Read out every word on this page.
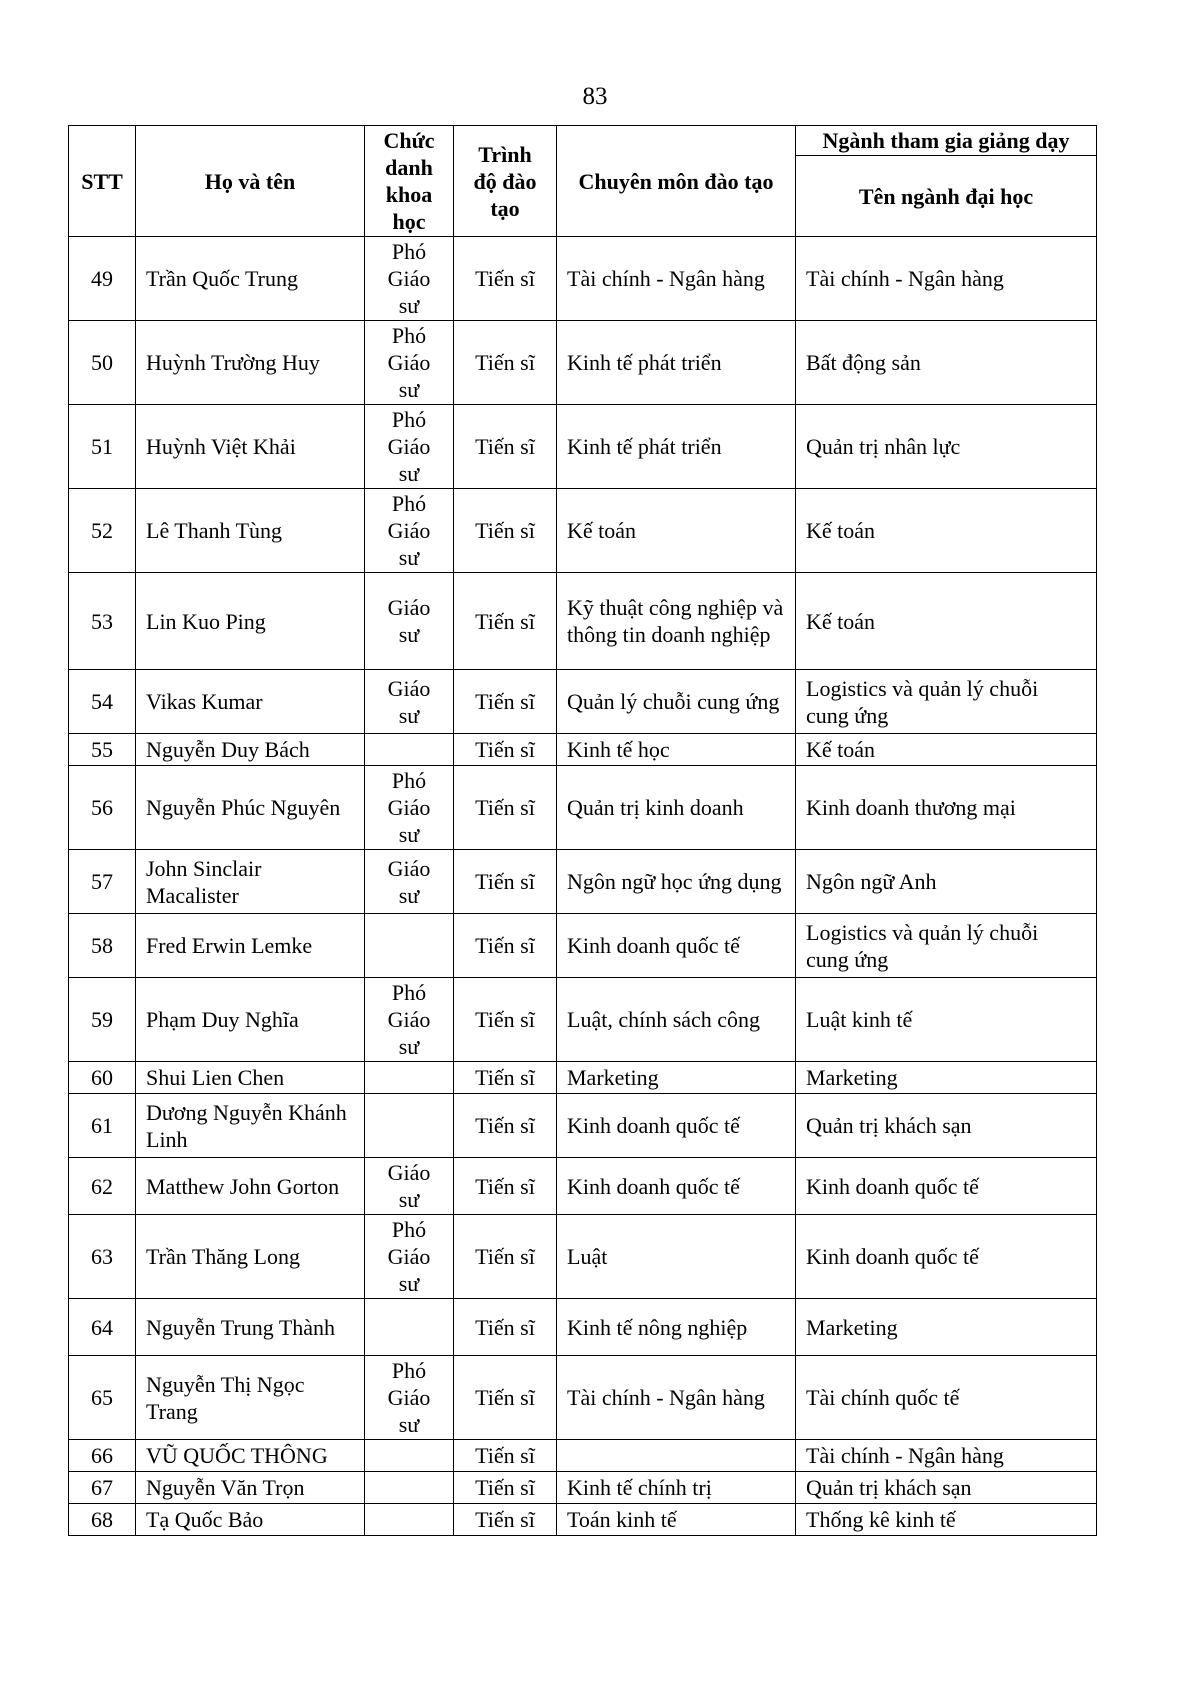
83
STT	Họ và tên	Chức danh khoa học	Trình độ đào tạo	Chuyên môn đào tạo	Ngành tham gia giảng dạy
					Tên ngành đại học
49	Trần Quốc Trung	Phó Giáo sư	Tiến sĩ	Tài chính - Ngân hàng	Tài chính - Ngân hàng
50	Huỳnh Trường Huy	Phó Giáo sư	Tiến sĩ	Kinh tế phát triển	Bất động sản
51	Huỳnh Việt Khải	Phó Giáo sư	Tiến sĩ	Kinh tế phát triển	Quản trị nhân lực
52	Lê Thanh Tùng	Phó Giáo sư	Tiến sĩ	Kế toán	Kế toán
53	Lin Kuo Ping	Giáo sư	Tiến sĩ	Kỹ thuật công nghiệp và thông tin doanh nghiệp	Kế toán
54	Vikas Kumar	Giáo sư	Tiến sĩ	Quản lý chuỗi cung ứng	Logistics và quản lý chuỗi cung ứng
55	Nguyễn Duy Bách		Tiến sĩ	Kinh tế học	Kế toán
56	Nguyễn Phúc Nguyên	Phó Giáo sư	Tiến sĩ	Quản trị kinh doanh	Kinh doanh thương mại
57	John Sinclair Macalister	Giáo sư	Tiến sĩ	Ngôn ngữ học ứng dụng	Ngôn ngữ Anh
58	Fred Erwin Lemke		Tiến sĩ	Kinh doanh quốc tế	Logistics và quản lý chuỗi cung ứng
59	Phạm Duy Nghĩa	Phó Giáo sư	Tiến sĩ	Luật, chính sách công	Luật kinh tế
60	Shui Lien Chen		Tiến sĩ	Marketing	Marketing
61	Dương Nguyễn Khánh Linh		Tiến sĩ	Kinh doanh quốc tế	Quản trị khách sạn
62	Matthew John Gorton	Giáo sư	Tiến sĩ	Kinh doanh quốc tế	Kinh doanh quốc tế
63	Trần Thăng Long	Phó Giáo sư	Tiến sĩ	Luật	Kinh doanh quốc tế
64	Nguyễn Trung Thành		Tiến sĩ	Kinh tế nông nghiệp	Marketing
65	Nguyễn Thị Ngọc Trang	Phó Giáo sư	Tiến sĩ	Tài chính - Ngân hàng	Tài chính quốc tế
66	VŨ QUỐC THÔNG		Tiến sĩ		Tài chính - Ngân hàng
67	Nguyễn Văn Trọn		Tiến sĩ	Kinh tế chính trị	Quản trị khách sạn
68	Tạ Quốc Bảo		Tiến sĩ	Toán kinh tế	Thống kê kinh tế
